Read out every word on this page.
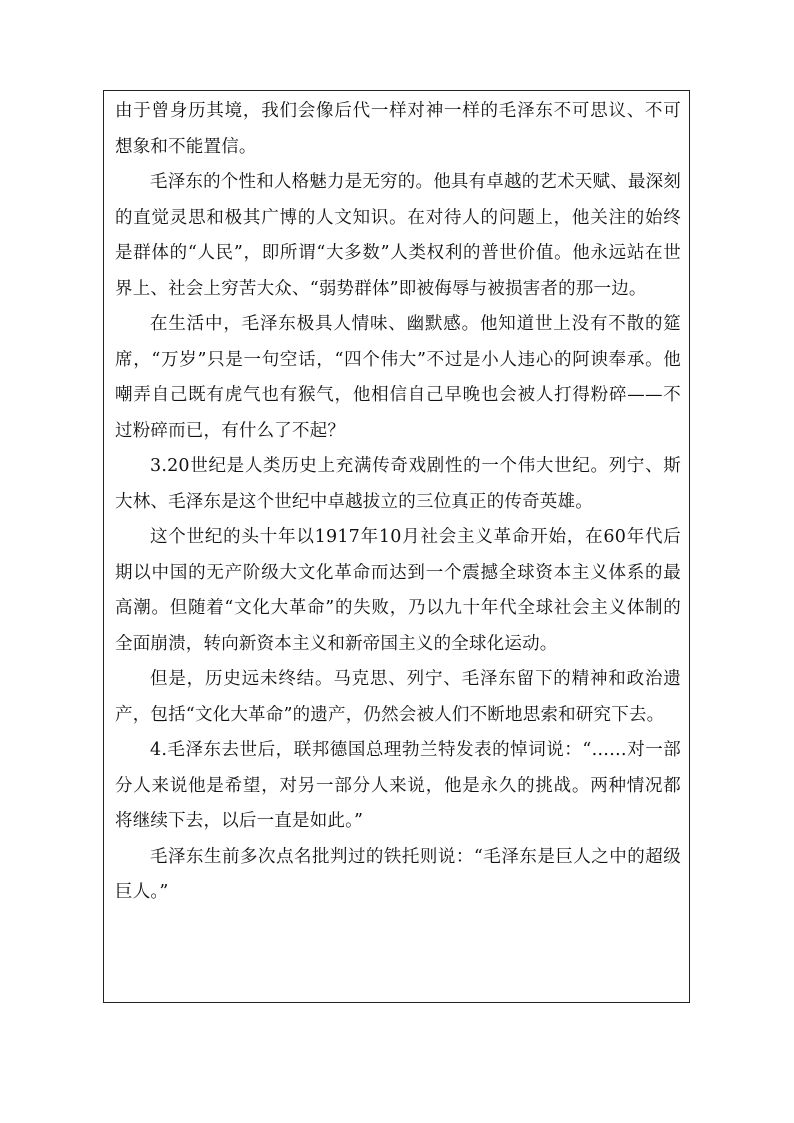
由于曾身历其境，我们会像后代一样对神一样的毛泽东不可思议、不可想象和不能置信。

毛泽东的个性和人格魅力是无穷的。他具有卓越的艺术天赋、最深刻的直觉灵思和极其广博的人文知识。在对待人的问题上，他关注的始终是群体的“人民”，即所谓“大多数”人类权利的普世价值。他永远站在世界上、社会上穷苦大众、“弱势群体”即被侮辱与被损害者的那一边。

在生活中，毛泽东极具人情味、幽默感。他知道世上没有不散的筵席，“万岁”只是一句空话，“四个伟大”不过是小人违心的阿谀奉承。他嘲弄自己既有虎气也有猴气，他相信自己早晚也会被人打得粉碎——不过粉碎而已，有什么了不起？

3.20世纪是人类历史上充满传奇戏剧性的一个伟大世纪。列宁、斯大林、毛泽东是这个世纪中卓越拔立的三位真正的传奇英雄。

这个世纪的头十年以1917年10月社会主义革命开始，在60年代后期以中国的无产阶级大文化革命而达到一个震撼全球资本主义体系的最高潮。但随着“文化大革命”的失败，乃以九十年代全球社会主义体制的全面崩溃，转向新资本主义和新帝国主义的全球化运动。

但是，历史远未终结。马克思、列宁、毛泽东留下的精神和政治遗产，包括“文化大革命”的遗产，仍然会被人们不断地思索和研究下去。

4.毛泽东去世后，联邦德国总理勃兰特发表的悼词说：“……对一部分人来说他是希望，对另一部分人来说，他是永久的挑战。两种情况都将继续下去，以后一直是如此。”

毛泽东生前多次点名批判过的铁托则说：“毛泽东是巨人之中的超级巨人。”
